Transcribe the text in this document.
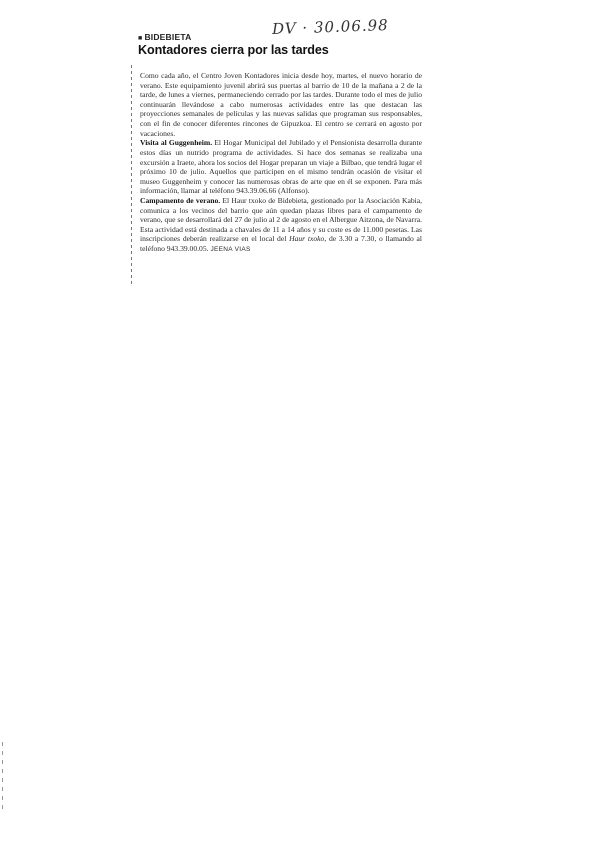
DV · 30.06.98
■ BIDEBIETA
Kontadores cierra por las tardes

Como cada año, el Centro Joven Kontadores inicia desde hoy, martes, el nuevo horario de verano. Este equipamiento juvenil abrirá sus puertas al barrio de 10 de la mañana a 2 de la tarde, de lunes a viernes, permaneciendo cerrado por las tardes. Durante todo el mes de julio continuarán llevándose a cabo numerosas actividades entre las que destacan las proyecciones semanales de películas y las nuevas salidas que programan sus responsables, con el fin de conocer diferentes rincones de Gipuzkoa. El centro se cerrará en agosto por vacaciones.

Visita al Guggenheim. El Hogar Municipal del Jubilado y el Pensionista desarrolla durante estos días un nutrido programa de actividades. Si hace dos semanas se realizaba una excursión a Iraete, ahora los socios del Hogar preparan un viaje a Bilbao, que tendrá lugar el próximo 10 de julio. Aquellos que participen en el mismo tendrán ocasión de visitar el museo Guggenheim y conocer las numerosas obras de arte que en él se exponen. Para más información, llamar al teléfono 943.39.06.66 (Alfonso).

Campamento de verano. El Haur txoko de Bidebieta, gestionado por la Asociación Kabia, comunica a los vecinos del barrio que aún quedan plazas libres para el campamento de verano, que se desarrollará del 27 de julio al 2 de agosto en el Albergue Aitzona, de Navarra. Esta actividad está destinada a chavales de 11 a 14 años y su coste es de 11.000 pesetas. Las inscripciones deberán realizarse en el local del Haur txoko, de 3.30 a 7.30, o llamando al teléfono 943.39.00.05. JEENA VIAS
